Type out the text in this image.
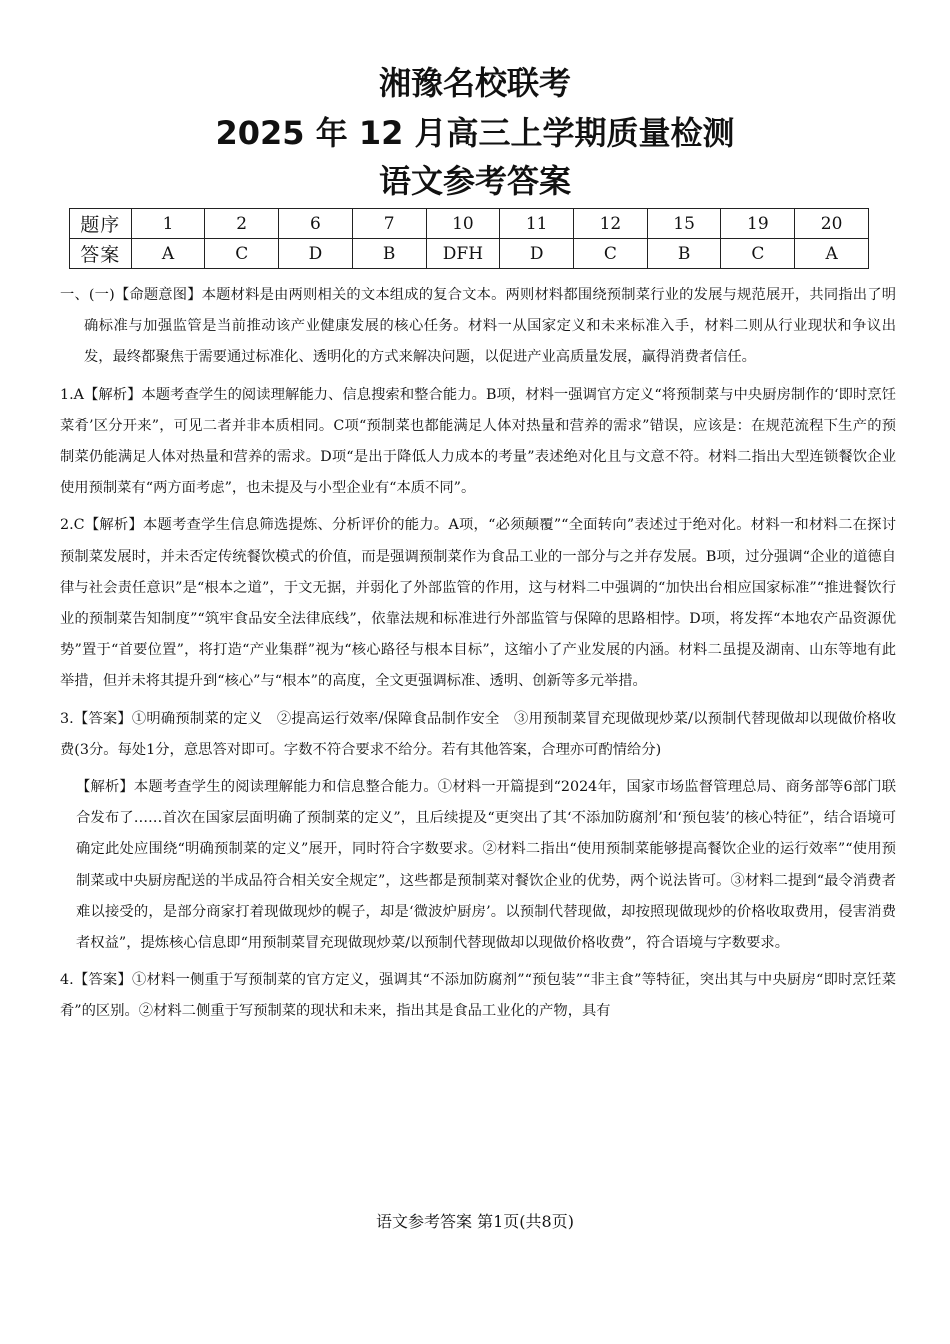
湘豫名校联考
2025 年 12 月高三上学期质量检测
语文参考答案
题序	1	2	6	7	10	11	12	15	19	20
答案	A	C	D	B	DFH	D	C	B	C	A

一、(一)【命题意图】本题材料是由两则相关的文本组成的复合文本。两则材料都围绕预制菜行业的发展与规范展开，共同指出了明确标准与加强监管是当前推动该产业健康发展的核心任务。材料一从国家定义和未来标准入手，材料二则从行业现状和争议出发，最终都聚焦于需要通过标准化、透明化的方式来解决问题，以促进产业高质量发展，赢得消费者信任。

1.A【解析】本题考查学生的阅读理解能力、信息搜索和整合能力。B项，材料一强调官方定义“将预制菜与中央厨房制作的‘即时烹饪菜肴’区分开来”，可见二者并非本质相同。C项“预制菜也都能满足人体对热量和营养的需求”错误，应该是：在规范流程下生产的预制菜仍能满足人体对热量和营养的需求。D项“是出于降低人力成本的考量”表述绝对化且与文意不符。材料二指出大型连锁餐饮企业使用预制菜有“两方面考虑”，也未提及与小型企业有“本质不同”。

2.C【解析】本题考查学生信息筛选提炼、分析评价的能力。A项，“必须颠覆”“全面转向”表述过于绝对化。材料一和材料二在探讨预制菜发展时，并未否定传统餐饮模式的价值，而是强调预制菜作为食品工业的一部分与之并存发展。B项，过分强调“企业的道德自律与社会责任意识”是“根本之道”，于文无据，并弱化了外部监管的作用，这与材料二中强调的“加快出台相应国家标准”“推进餐饮行业的预制菜告知制度”“筑牢食品安全法律底线”，依靠法规和标准进行外部监管与保障的思路相悖。D项，将发挥“本地农产品资源优势”置于“首要位置”，将打造“产业集群”视为“核心路径与根本目标”，这缩小了产业发展的内涵。材料二虽提及湖南、山东等地有此举措，但并未将其提升到“核心”与“根本”的高度，全文更强调标准、透明、创新等多元举措。

3.【答案】①明确预制菜的定义　②提高运行效率/保障食品制作安全　③用预制菜冒充现做现炒菜/以预制代替现做却以现做价格收费(3分。每处1分，意思答对即可。字数不符合要求不给分。若有其他答案，合理亦可酌情给分)

【解析】本题考查学生的阅读理解能力和信息整合能力。①材料一开篇提到“2024年，国家市场监督管理总局、商务部等6部门联合发布了……首次在国家层面明确了预制菜的定义”，且后续提及“更突出了其‘不添加防腐剂’和‘预包装’的核心特征”，结合语境可确定此处应围绕“明确预制菜的定义”展开，同时符合字数要求。②材料二指出“使用预制菜能够提高餐饮企业的运行效率”“使用预制菜或中央厨房配送的半成品符合相关安全规定”，这些都是预制菜对餐饮企业的优势，两个说法皆可。③材料二提到“最令消费者难以接受的，是部分商家打着现做现炒的幌子，却是‘微波炉厨房’。以预制代替现做，却按照现做现炒的价格收取费用，侵害消费者权益”，提炼核心信息即“用预制菜冒充现做现炒菜/以预制代替现做却以现做价格收费”，符合语境与字数要求。

4.【答案】①材料一侧重于写预制菜的官方定义，强调其“不添加防腐剂”“预包装”“非主食”等特征，突出其与中央厨房“即时烹饪菜肴”的区别。②材料二侧重于写预制菜的现状和未来，指出其是食品工业化的产物，具有

语文参考答案 第1页(共8页)
